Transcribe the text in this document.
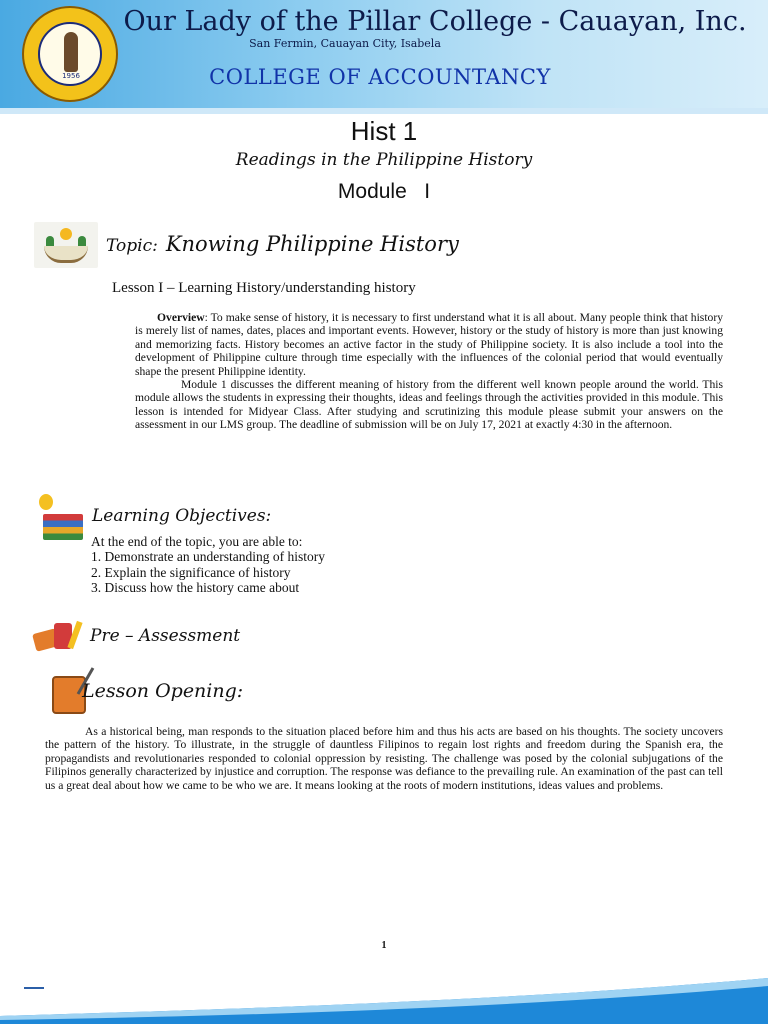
1956
Our Lady of the Pillar College - Cauayan, Inc.
San Fermin, Cauayan City, Isabela
COLLEGE OF ACCOUNTANCY
Hist 1
Readings in the Philippine History
Module   I
Topic: Knowing Philippine History
Lesson I – Learning History/understanding history

Overview: To make sense of history, it is necessary to first understand what it is all about. Many people think that history is merely list of names, dates, places and important events. However, history or the study of history is more than just knowing and memorizing facts. History becomes an active factor in the study of Philippine society. It is also include a tool into the development of Philippine culture through time especially with the influences of the colonial period that would eventually shape the present Philippine identity.

Module 1 discusses the different meaning of history from the different well known people around the world. This module allows the students in expressing their thoughts, ideas and feelings through the activities provided in this module. This lesson is intended for Midyear Class. After studying and scrutinizing this module please submit your answers on the assessment in our LMS group. The deadline of submission will be on July 17, 2021 at exactly 4:30 in the afternoon.

Learning Objectives:
At the end of the topic, you are able to:
1. Demonstrate an understanding of history
2. Explain the significance of history
3. Discuss how the history came about
Pre – Assessment
Lesson Opening:

As a historical being, man responds to the situation placed before him and thus his acts are based on his thoughts. The society uncovers the pattern of the history. To illustrate, in the struggle of dauntless Filipinos to regain lost rights and freedom during the Spanish era, the propagandists and revolutionaries responded to colonial oppression by resisting. The challenge was posed by the colonial subjugations of the Filipinos generally characterized by injustice and corruption. The response was defiance to the prevailing rule. An examination of the past can tell us a great deal about how we came to be who we are. It means looking at the roots of modern institutions, ideas values and problems.

1
